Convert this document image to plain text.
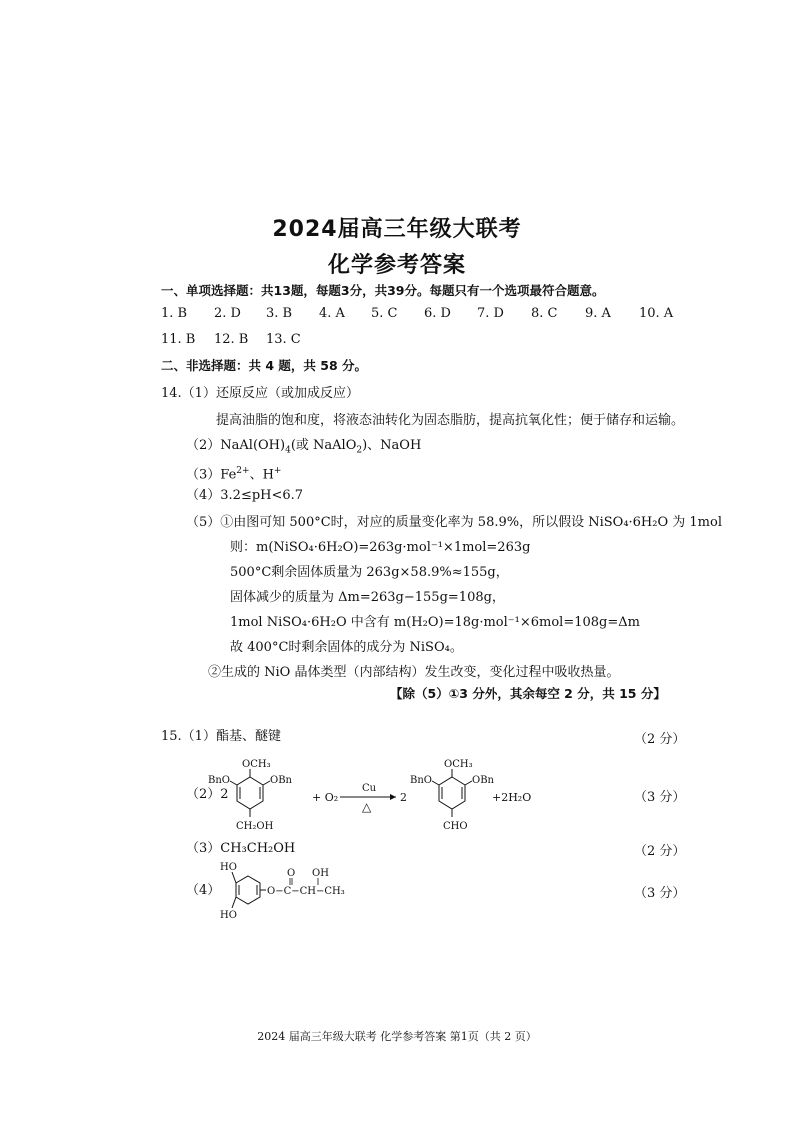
2024届高三年级大联考
化学参考答案
一、单项选择题：共13题，每题3分，共39分。每题只有一个选项最符合题意。
1. B 2. D 3. B 4. A 5. C 6. D 7. D 8. C 9. A 10. A
11. B 12. B 13. C
二、非选择题：共 4 题，共 58 分。
14.（1）还原反应（或加成反应）
提高油脂的饱和度，将液态油转化为固态脂肪，提高抗氧化性；便于储存和运输。
$(2)NaAl(OH)_4$(或 NaAlO$_2$)、NaOH
$(3)Fe^{2+}$、H+
（4）3.2≤pH<6.7
（5）①由图可知 500°C时，对应的质量变化率为 58.9%，所以假设 NiSO₄·6H₂O 为 1mol
则：m(NiSO₄·6H₂O)=263g·mol⁻¹×1mol=263g
500°C剩余固体质量为 263g×58.9%≈155g，
固体减少的质量为 Δm=263g−155g=108g，
1mol NiSO₄·6H₂O 中含有 m(H₂O)=18g·mol⁻¹×6mol=108g=Δm
故 400°C时剩余固体的成分为 NiSO₄。
②生成的 NiO 晶体类型（内部结构）发生改变，变化过程中吸收热量。
【除（5）①3 分外，其余每空 2 分，共 15 分】
15.（1）酯基、醚键	（2 分）
（2）2	（3 分）
OCH₃
BnO	OBn
CH₂OH
+ O₂
Cu
△
2
OCH₃
BnO	OBn
CHO
+2H₂O
（3）CH₃CH₂OH	（2 分）
（4）	（3 分）
HO
HO
O−C−CH−CH₃
O OH
2024 届高三年级大联考 化学参考答案 第1页（共 2 页）
